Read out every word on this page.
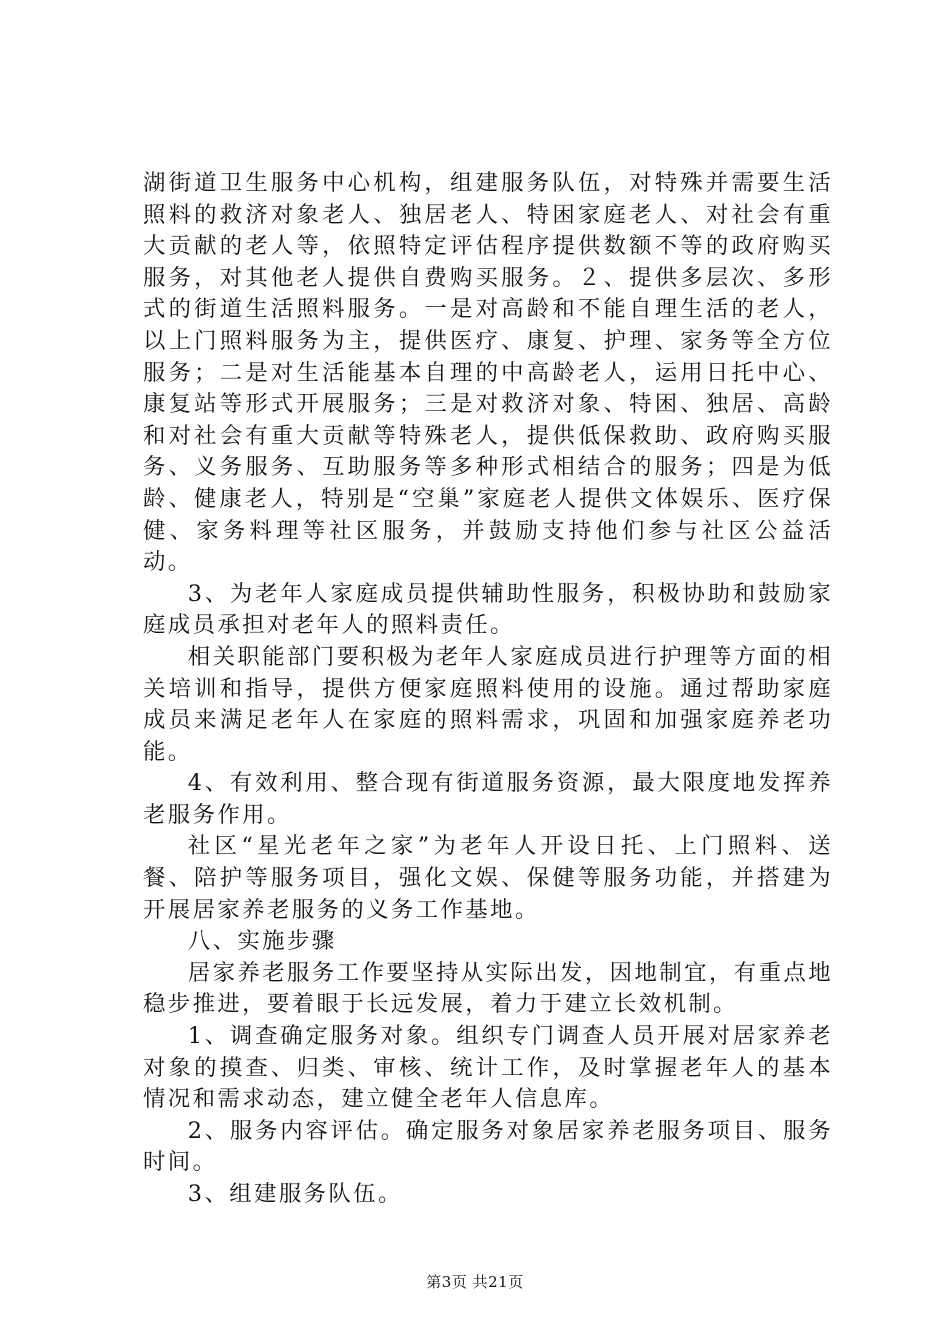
湖街道卫生服务中心机构，组建服务队伍，对特殊并需要生活照料的救济对象老人、独居老人、特困家庭老人、对社会有重大贡献的老人等，依照特定评估程序提供数额不等的政府购买服务，对其他老人提供自费购买服务。２、提供多层次、多形式的街道生活照料服务。一是对高龄和不能自理生活的老人，以上门照料服务为主，提供医疗、康复、护理、家务等全方位服务；二是对生活能基本自理的中高龄老人，运用日托中心、康复站等形式开展服务；三是对救济对象、特困、独居、高龄和对社会有重大贡献等特殊老人，提供低保救助、政府购买服务、义务服务、互助服务等多种形式相结合的服务；四是为低龄、健康老人，特别是“空巢”家庭老人提供文体娱乐、医疗保健、家务料理等社区服务，并鼓励支持他们参与社区公益活动。

3、为老年人家庭成员提供辅助性服务，积极协助和鼓励家庭成员承担对老年人的照料责任。

相关职能部门要积极为老年人家庭成员进行护理等方面的相关培训和指导，提供方便家庭照料使用的设施。通过帮助家庭成员来满足老年人在家庭的照料需求，巩固和加强家庭养老功能。

4、有效利用、整合现有街道服务资源，最大限度地发挥养老服务作用。

社区“星光老年之家”为老年人开设日托、上门照料、送餐、陪护等服务项目，强化文娱、保健等服务功能，并搭建为开展居家养老服务的义务工作基地。

八、实施步骤

居家养老服务工作要坚持从实际出发，因地制宜，有重点地稳步推进，要着眼于长远发展，着力于建立长效机制。

1、调查确定服务对象。组织专门调查人员开展对居家养老对象的摸查、归类、审核、统计工作，及时掌握老年人的基本情况和需求动态，建立健全老年人信息库。

2、服务内容评估。确定服务对象居家养老服务项目、服务时间。

3、组建服务队伍。

第3页 共21页
